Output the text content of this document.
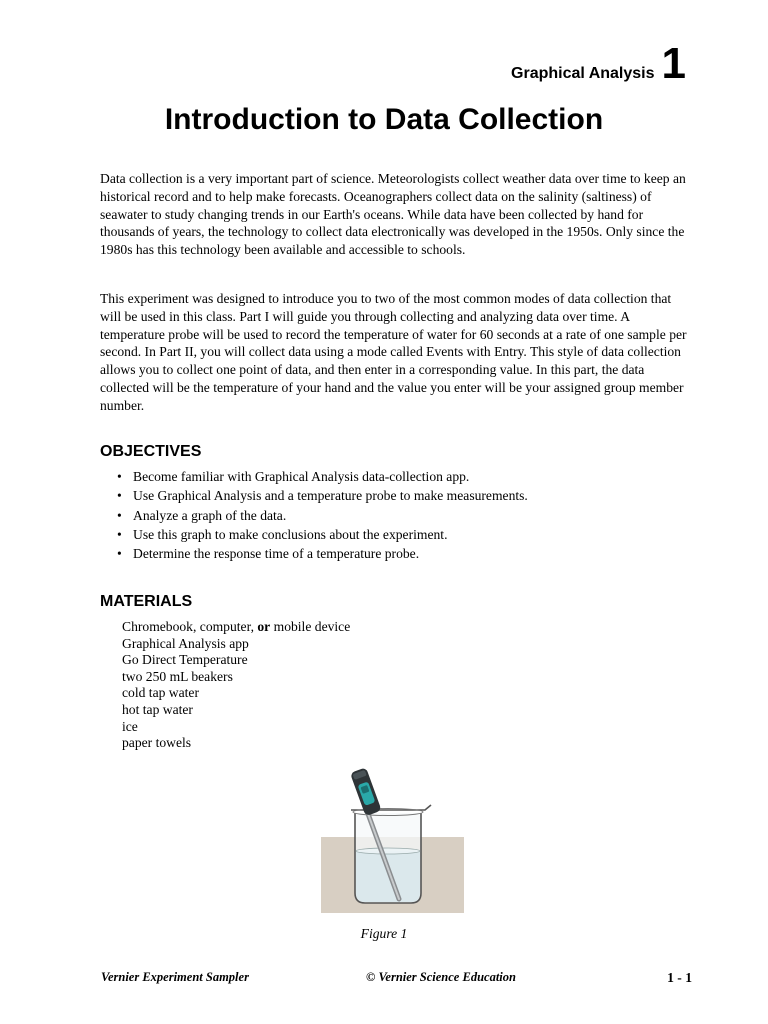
Graphical Analysis 1
Introduction to Data Collection

Data collection is a very important part of science. Meteorologists collect weather data over time to keep an historical record and to help make forecasts. Oceanographers collect data on the salinity (saltiness) of seawater to study changing trends in our Earth's oceans. While data have been collected by hand for thousands of years, the technology to collect data electronically was developed in the 1950s. Only since the 1980s has this technology been available and accessible to schools.

This experiment was designed to introduce you to two of the most common modes of data collection that will be used in this class. Part I will guide you through collecting and analyzing data over time. A temperature probe will be used to record the temperature of water for 60 seconds at a rate of one sample per second. In Part II, you will collect data using a mode called Events with Entry. This style of data collection allows you to collect one point of data, and then enter in a corresponding value. In this part, the data collected will be the temperature of your hand and the value you enter will be your assigned group member number.

OBJECTIVES
• Become familiar with Graphical Analysis data-collection app.
• Use Graphical Analysis and a temperature probe to make measurements.
• Analyze a graph of the data.
• Use this graph to make conclusions about the experiment.
• Determine the response time of a temperature probe.
MATERIALS
Chromebook, computer, or mobile device
Graphical Analysis app
Go Direct Temperature
two 250 mL beakers
cold tap water
hot tap water
ice
paper towels
Figure 1
Vernier Experiment Sampler	© Vernier Science Education	1 - 1
